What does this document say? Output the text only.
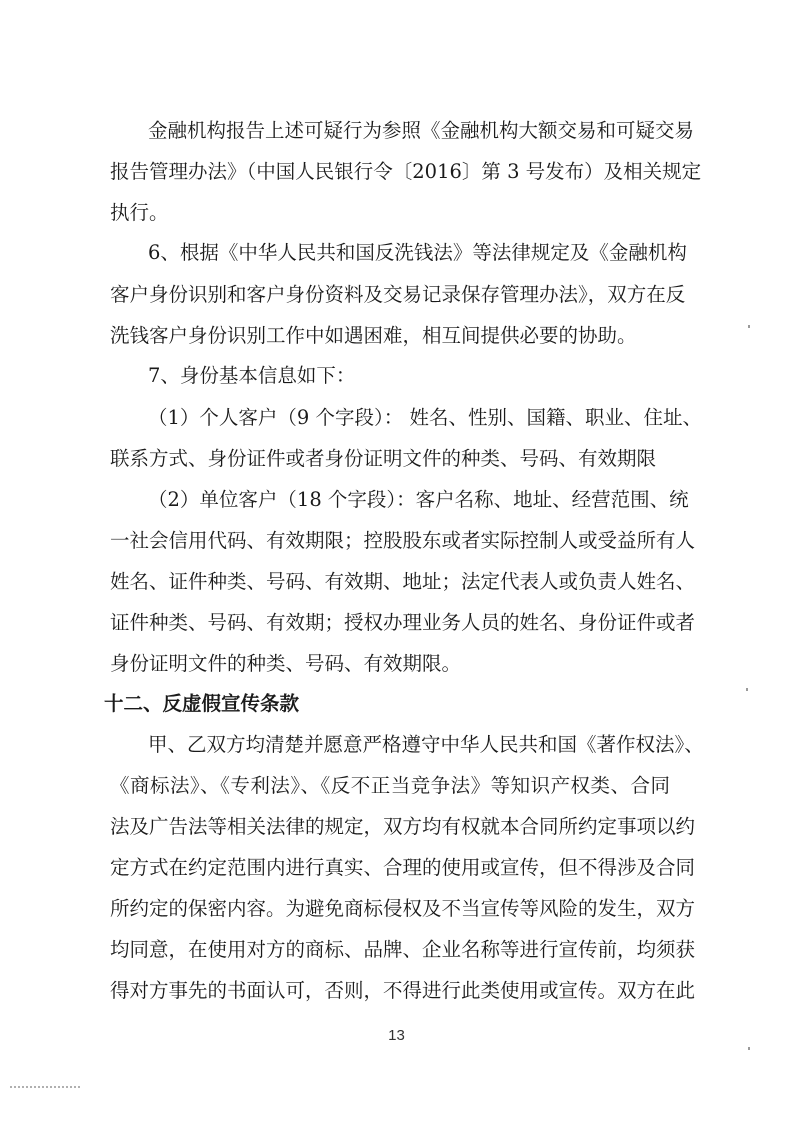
金融机构报告上述可疑行为参照《金融机构大额交易和可疑交易
报告管理办法》（中国人民银行令〔2016〕第 3 号发布）及相关规定
执行。
6、根据《中华人民共和国反洗钱法》等法律规定及《金融机构
客户身份识别和客户身份资料及交易记录保存管理办法》，双方在反
洗钱客户身份识别工作中如遇困难，相互间提供必要的协助。
7、身份基本信息如下：
（1）个人客户（9 个字段）： 姓名、性别、国籍、职业、住址、
联系方式、身份证件或者身份证明文件的种类、号码、有效期限
（2）单位客户（18 个字段）：客户名称、地址、经营范围、统
一社会信用代码、有效期限；控股股东或者实际控制人或受益所有人
姓名、证件种类、号码、有效期、地址；法定代表人或负责人姓名、
证件种类、号码、有效期；授权办理业务人员的姓名、身份证件或者
身份证明文件的种类、号码、有效期限。
十二、反虚假宣传条款
甲、乙双方均清楚并愿意严格遵守中华人民共和国《著作权法》、
《商标法》、《专利法》、《反不正当竞争法》等知识产权类、合同
法及广告法等相关法律的规定，双方均有权就本合同所约定事项以约
定方式在约定范围内进行真实、合理的使用或宣传，但不得涉及合同
所约定的保密内容。为避免商标侵权及不当宣传等风险的发生，双方
均同意，在使用对方的商标、品牌、企业名称等进行宣传前，均须获
得对方事先的书面认可，否则，不得进行此类使用或宣传。双方在此
13
